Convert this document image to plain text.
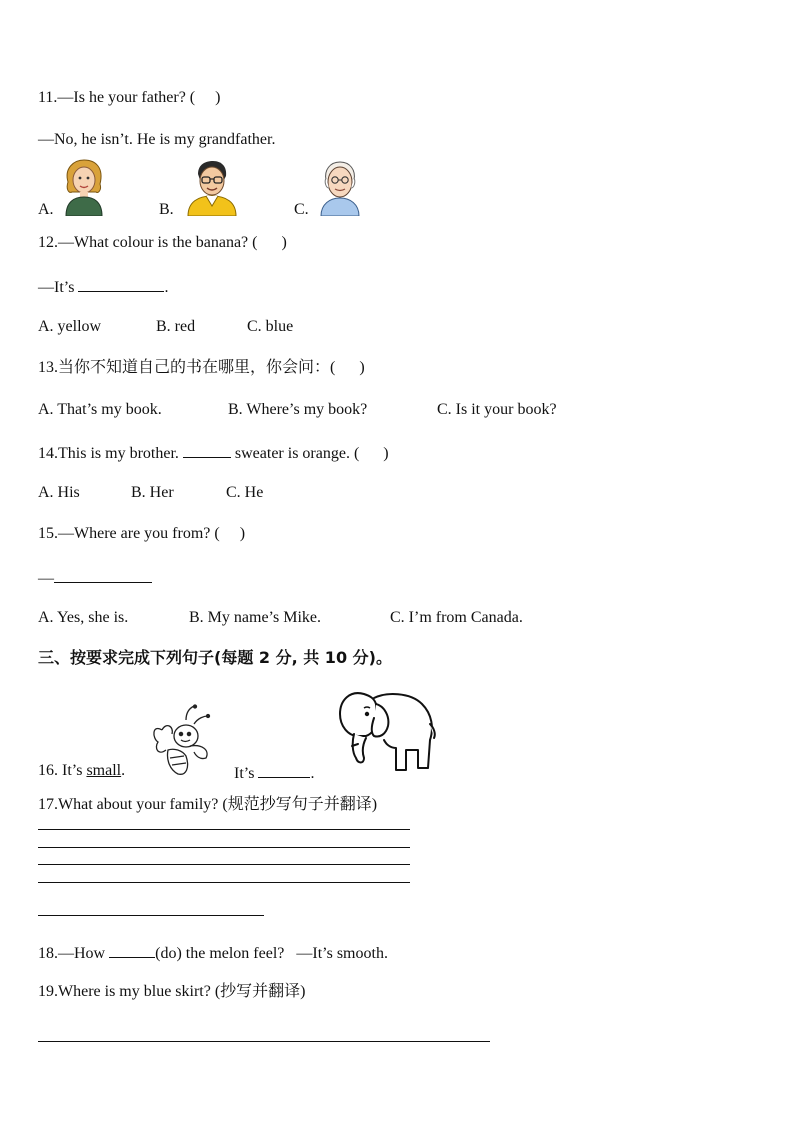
11.—Is he your father? (　 )
—No, he isn’t. He is my grandfather.
A.	B.	C.
12.—What colour is the banana? (　  )
—It’s	.
A. yellow	B. red	C. blue
13.当你不知道自己的书在哪里，你会问：(　  )
A. That’s my book.	B. Where’s my book?	C. Is it your book?
14.This is my brother.	sweater is orange. (　  )
A. His	B. Her	C. He
15.—Where are you from? (　 )
—
A. Yes, she is.	B. My name’s Mike.	C. I’m from Canada.
三、按要求完成下列句子(每题 2 分, 共 10 分)。
16. It’s small.	It’s	.
17.What about your family? (规范抄写句子并翻译)
18.—How	(do) the melon feel?   —It’s smooth.
19.Where is my blue skirt? (抄写并翻译)
